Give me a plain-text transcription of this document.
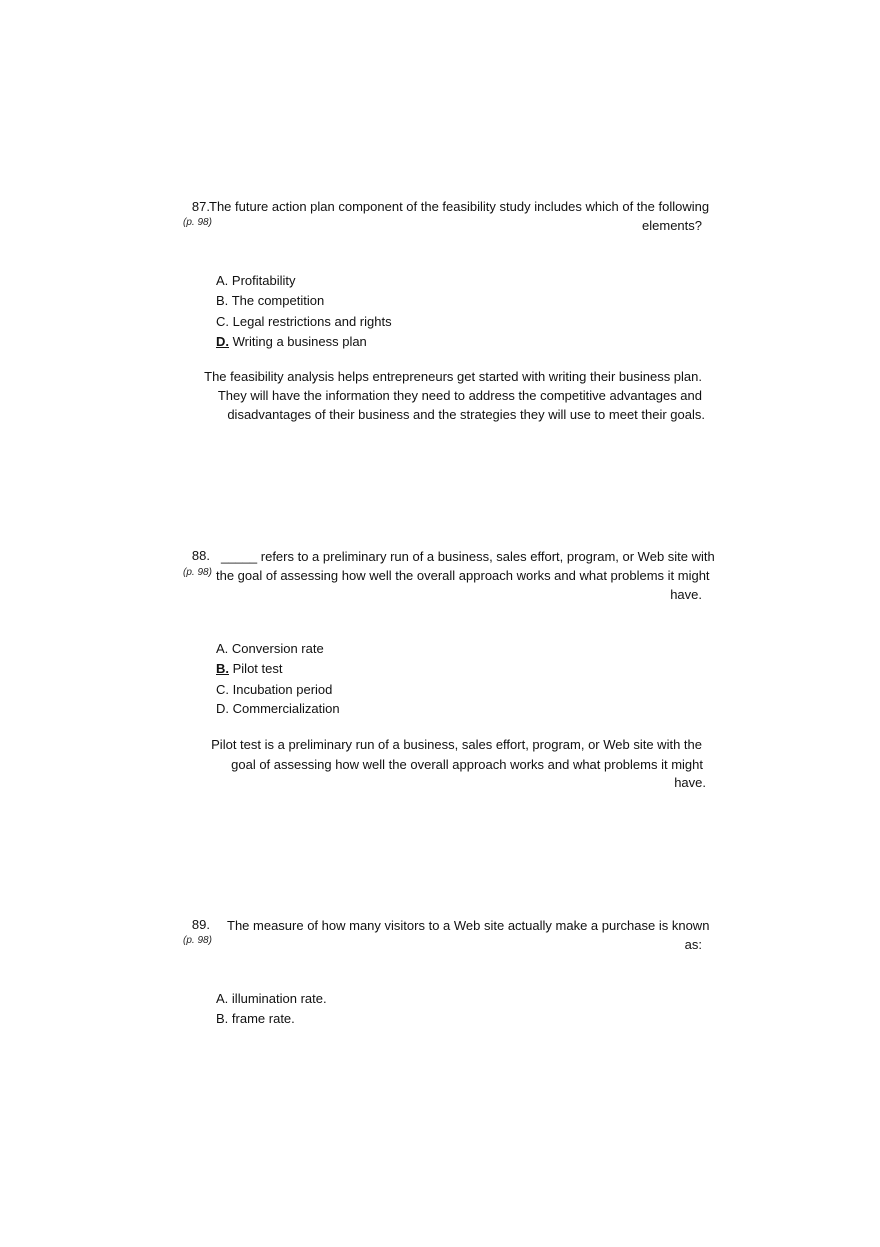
87.
(p. 98)
The future action plan component of the feasibility study includes which of the following
elements?
A. Profitability
B. The competition
C. Legal restrictions and rights
D. Writing a business plan
The feasibility analysis helps entrepreneurs get started with writing their business plan.
They will have the information they need to address the competitive advantages and
disadvantages of their business and the strategies they will use to meet their goals.
88.
(p. 98)
_____ refers to a preliminary run of a business, sales effort, program, or Web site with
the goal of assessing how well the overall approach works and what problems it might
have.
A. Conversion rate
B. Pilot test
C. Incubation period
D. Commercialization
Pilot test is a preliminary run of a business, sales effort, program, or Web site with the
goal of assessing how well the overall approach works and what problems it might
have.
89.
(p. 98)
The measure of how many visitors to a Web site actually make a purchase is known
as:
A. illumination rate.
B. frame rate.
